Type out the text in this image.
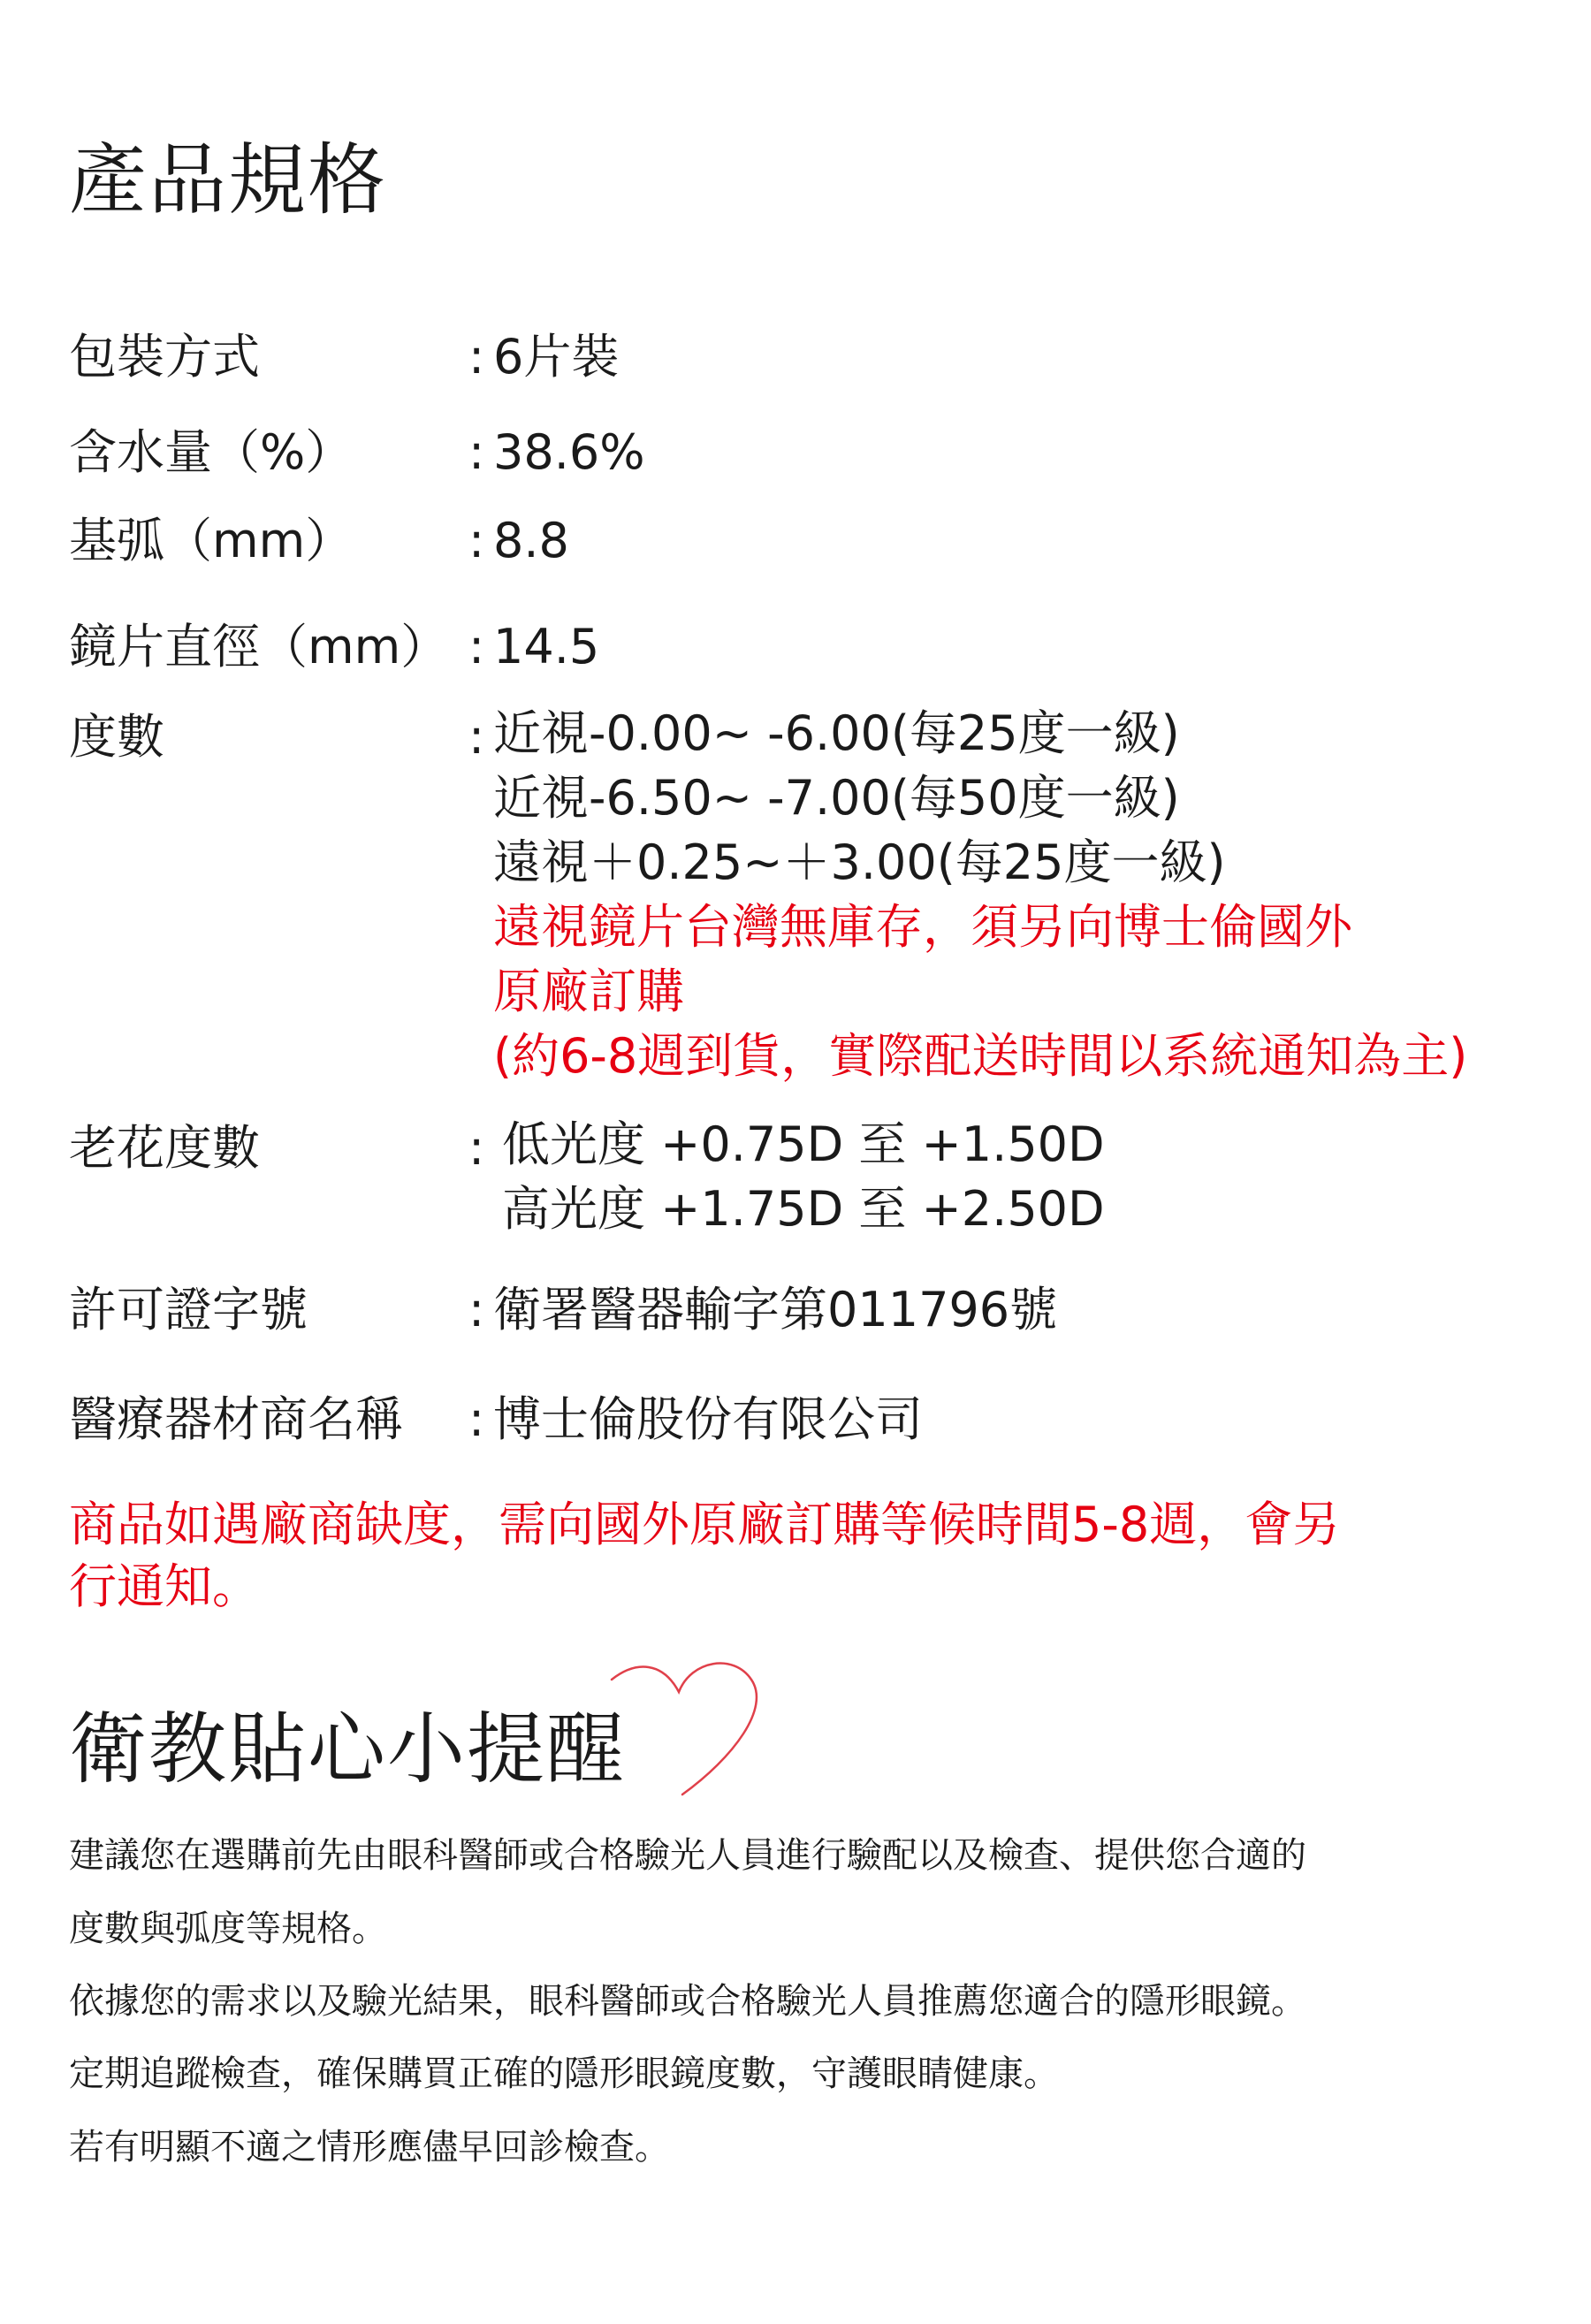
產品規格
包裝方式	: 6片裝
含水量（%） : 38.6%
基弧（mm） : 8.8
鏡片直徑（mm） : 14.5
度數	: 近視-0.00~ -6.00(每25度一級)
近視-6.50~ -7.00(每50度一級)
遠視＋0.25~＋3.00(每25度一級)
遠視鏡片台灣無庫存，須另向博士倫國外
原廠訂購
(約6-8週到貨，實際配送時間以系統通知為主)
老花度數	: 低光度 +0.75D 至 +1.50D
高光度 +1.75D 至 +2.50D
許可證字號	: 衛署醫器輸字第011796號
醫療器材商名稱 : 博士倫股份有限公司
商品如遇廠商缺度，需向國外原廠訂購等候時間5-8週，會另
行通知。
衛教貼心小提醒
建議您在選購前先由眼科醫師或合格驗光人員進行驗配以及檢查、提供您合適的
度數與弧度等規格。
依據您的需求以及驗光結果，眼科醫師或合格驗光人員推薦您適合的隱形眼鏡。
定期追蹤檢查，確保購買正確的隱形眼鏡度數，守護眼睛健康。
若有明顯不適之情形應儘早回診檢查。
